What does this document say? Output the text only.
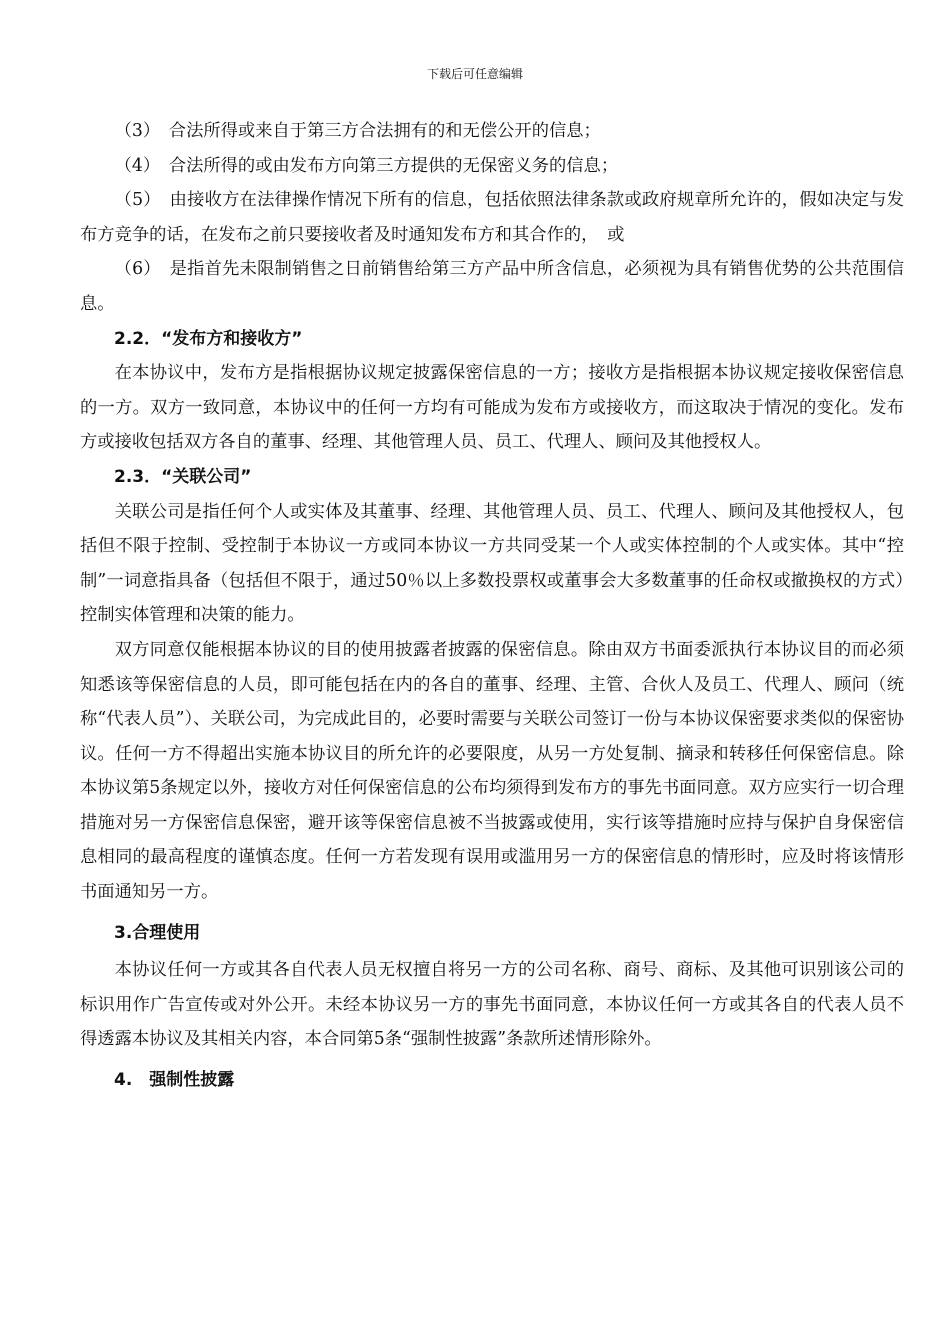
下载后可任意编辑

（3）　合法所得或来自于第三方合法拥有的和无偿公开的信息；

（4）　合法所得的或由发布方向第三方提供的无保密义务的信息；

（5）　由接收方在法律操作情况下所有的信息，包括依照法律条款或政府规章所允许的，假如决定与发布方竞争的话，在发布之前只要接收者及时通知发布方和其合作的，　或

（6）　是指首先未限制销售之日前销售给第三方产品中所含信息，必须视为具有销售优势的公共范围信息。

2.2．“发布方和接收方”

在本协议中，发布方是指根据协议规定披露保密信息的一方；接收方是指根据本协议规定接收保密信息的一方。双方一致同意，本协议中的任何一方均有可能成为发布方或接收方，而这取决于情况的变化。发布方或接收包括双方各自的董事、经理、其他管理人员、员工、代理人、顾问及其他授权人。

2.3．“关联公司”

关联公司是指任何个人或实体及其董事、经理、其他管理人员、员工、代理人、顾问及其他授权人，包括但不限于控制、受控制于本协议一方或同本协议一方共同受某一个人或实体控制的个人或实体。其中“控制”一词意指具备（包括但不限于，通过50％以上多数投票权或董事会大多数董事的任命权或撤换权的方式）控制实体管理和决策的能力。

双方同意仅能根据本协议的目的使用披露者披露的保密信息。除由双方书面委派执行本协议目的而必须知悉该等保密信息的人员，即可能包括在内的各自的董事、经理、主管、合伙人及员工、代理人、顾问（统称“代表人员”）、关联公司，为完成此目的，必要时需要与关联公司签订一份与本协议保密要求类似的保密协议。任何一方不得超出实施本协议目的所允许的必要限度，从另一方处复制、摘录和转移任何保密信息。除本协议第5条规定以外，接收方对任何保密信息的公布均须得到发布方的事先书面同意。双方应实行一切合理措施对另一方保密信息保密，避开该等保密信息被不当披露或使用，实行该等措施时应持与保护自身保密信息相同的最高程度的谨慎态度。任何一方若发现有误用或滥用另一方的保密信息的情形时，应及时将该情形书面通知另一方。

3.合理使用

本协议任何一方或其各自代表人员无权擅自将另一方的公司名称、商号、商标、及其他可识别该公司的标识用作广告宣传或对外公开。未经本协议另一方的事先书面同意，本协议任何一方或其各自的代表人员不得透露本协议及其相关内容，本合同第5条“强制性披露”条款所述情形除外。

4.　强制性披露
